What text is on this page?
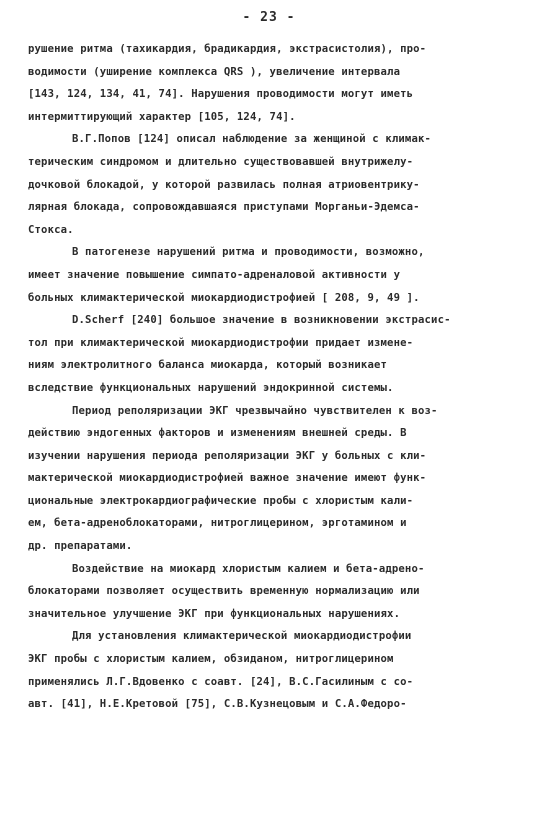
- 23 -
рушение ритма (тахикардия, брадикардия, экстрасистолия), про-
водимости (уширение комплекса QRS ), увеличение интервала
[143, 124, 134, 41, 74]. Нарушения проводимости могут иметь
интермиттирующий характер [105, 124, 74].
В.Г.Попов [124] описал наблюдение за женщиной с климак-
терическим синдромом и длительно существовавшей внутрижелу-
дочковой блокадой, у которой развилась полная атриовентрику-
лярная блокада, сопровождавшаяся приступами Морганьи-Эдемса-
Стокса.
В патогенезе нарушений ритма и проводимости, возможно,
имеет значение повышение симпато-адреналовой активности у
больных климактерической миокардиодистрофией [ 208, 9, 49 ].
D.Scherf [240] большое значение в возникновении экстрасис-
тол при климактерической миокардиодистрофии придает измене-
ниям электролитного баланса миокарда, который возникает
вследствие функциональных нарушений эндокринной системы.
Период реполяризации ЭКГ чрезвычайно чувствителен к воз-
действию эндогенных факторов и изменениям внешней среды. В
изучении нарушения периода реполяризации ЭКГ у больных с кли-
мактерической миокардиодистрофией важное значение имеют функ-
циональные электрокардиографические пробы с хлористым кали-
ем, бета-адреноблокаторами, нитроглицерином, эрготамином и
др. препаратами.
Воздействие на миокард хлористым калием и бета-адрено-
блокаторами позволяет осуществить временную нормализацию или
значительное улучшение ЭКГ при функциональных нарушениях.
Для установления климактерической миокардиодистрофии
ЭКГ пробы с хлористым калием, обзиданом, нитроглицерином
применялись Л.Г.Вдовенко с соавт. [24], В.С.Гасилиным с со-
авт. [41], Н.Е.Кретовой [75], С.В.Кузнецовым и С.А.Федоро-
